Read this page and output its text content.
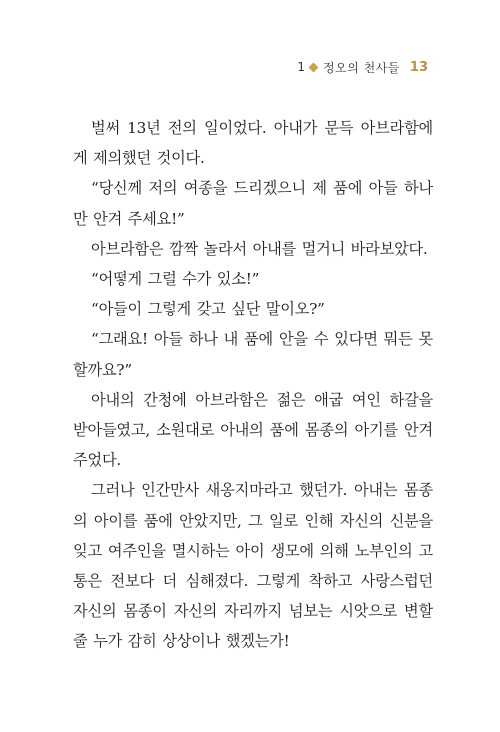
1 정오의 천사들 13

벌써 13년 전의 일이었다. 아내가 문득 아브라함에게 제의했던 것이다.

“당신께 저의 여종을 드리겠으니 제 품에 아들 하나만 안겨 주세요!”

아브라함은 깜짝 놀라서 아내를 멀거니 바라보았다.

“어떻게 그럴 수가 있소!”

“아들이 그렇게 갖고 싶단 말이오?”

“그래요! 아들 하나 내 품에 안을 수 있다면 뭐든 못할까요?”

아내의 간청에 아브라함은 젊은 애굽 여인 하갈을 받아들였고, 소원대로 아내의 품에 몸종의 아기를 안겨 주었다.

그러나 인간만사 새옹지마라고 했던가. 아내는 몸종의 아이를 품에 안았지만, 그 일로 인해 자신의 신분을 잊고 여주인을 멸시하는 아이 생모에 의해 노부인의 고통은 전보다 더 심해졌다. 그렇게 착하고 사랑스럽던 자신의 몸종이 자신의 자리까지 넘보는 시앗으로 변할 줄 누가 감히 상상이나 했겠는가!
